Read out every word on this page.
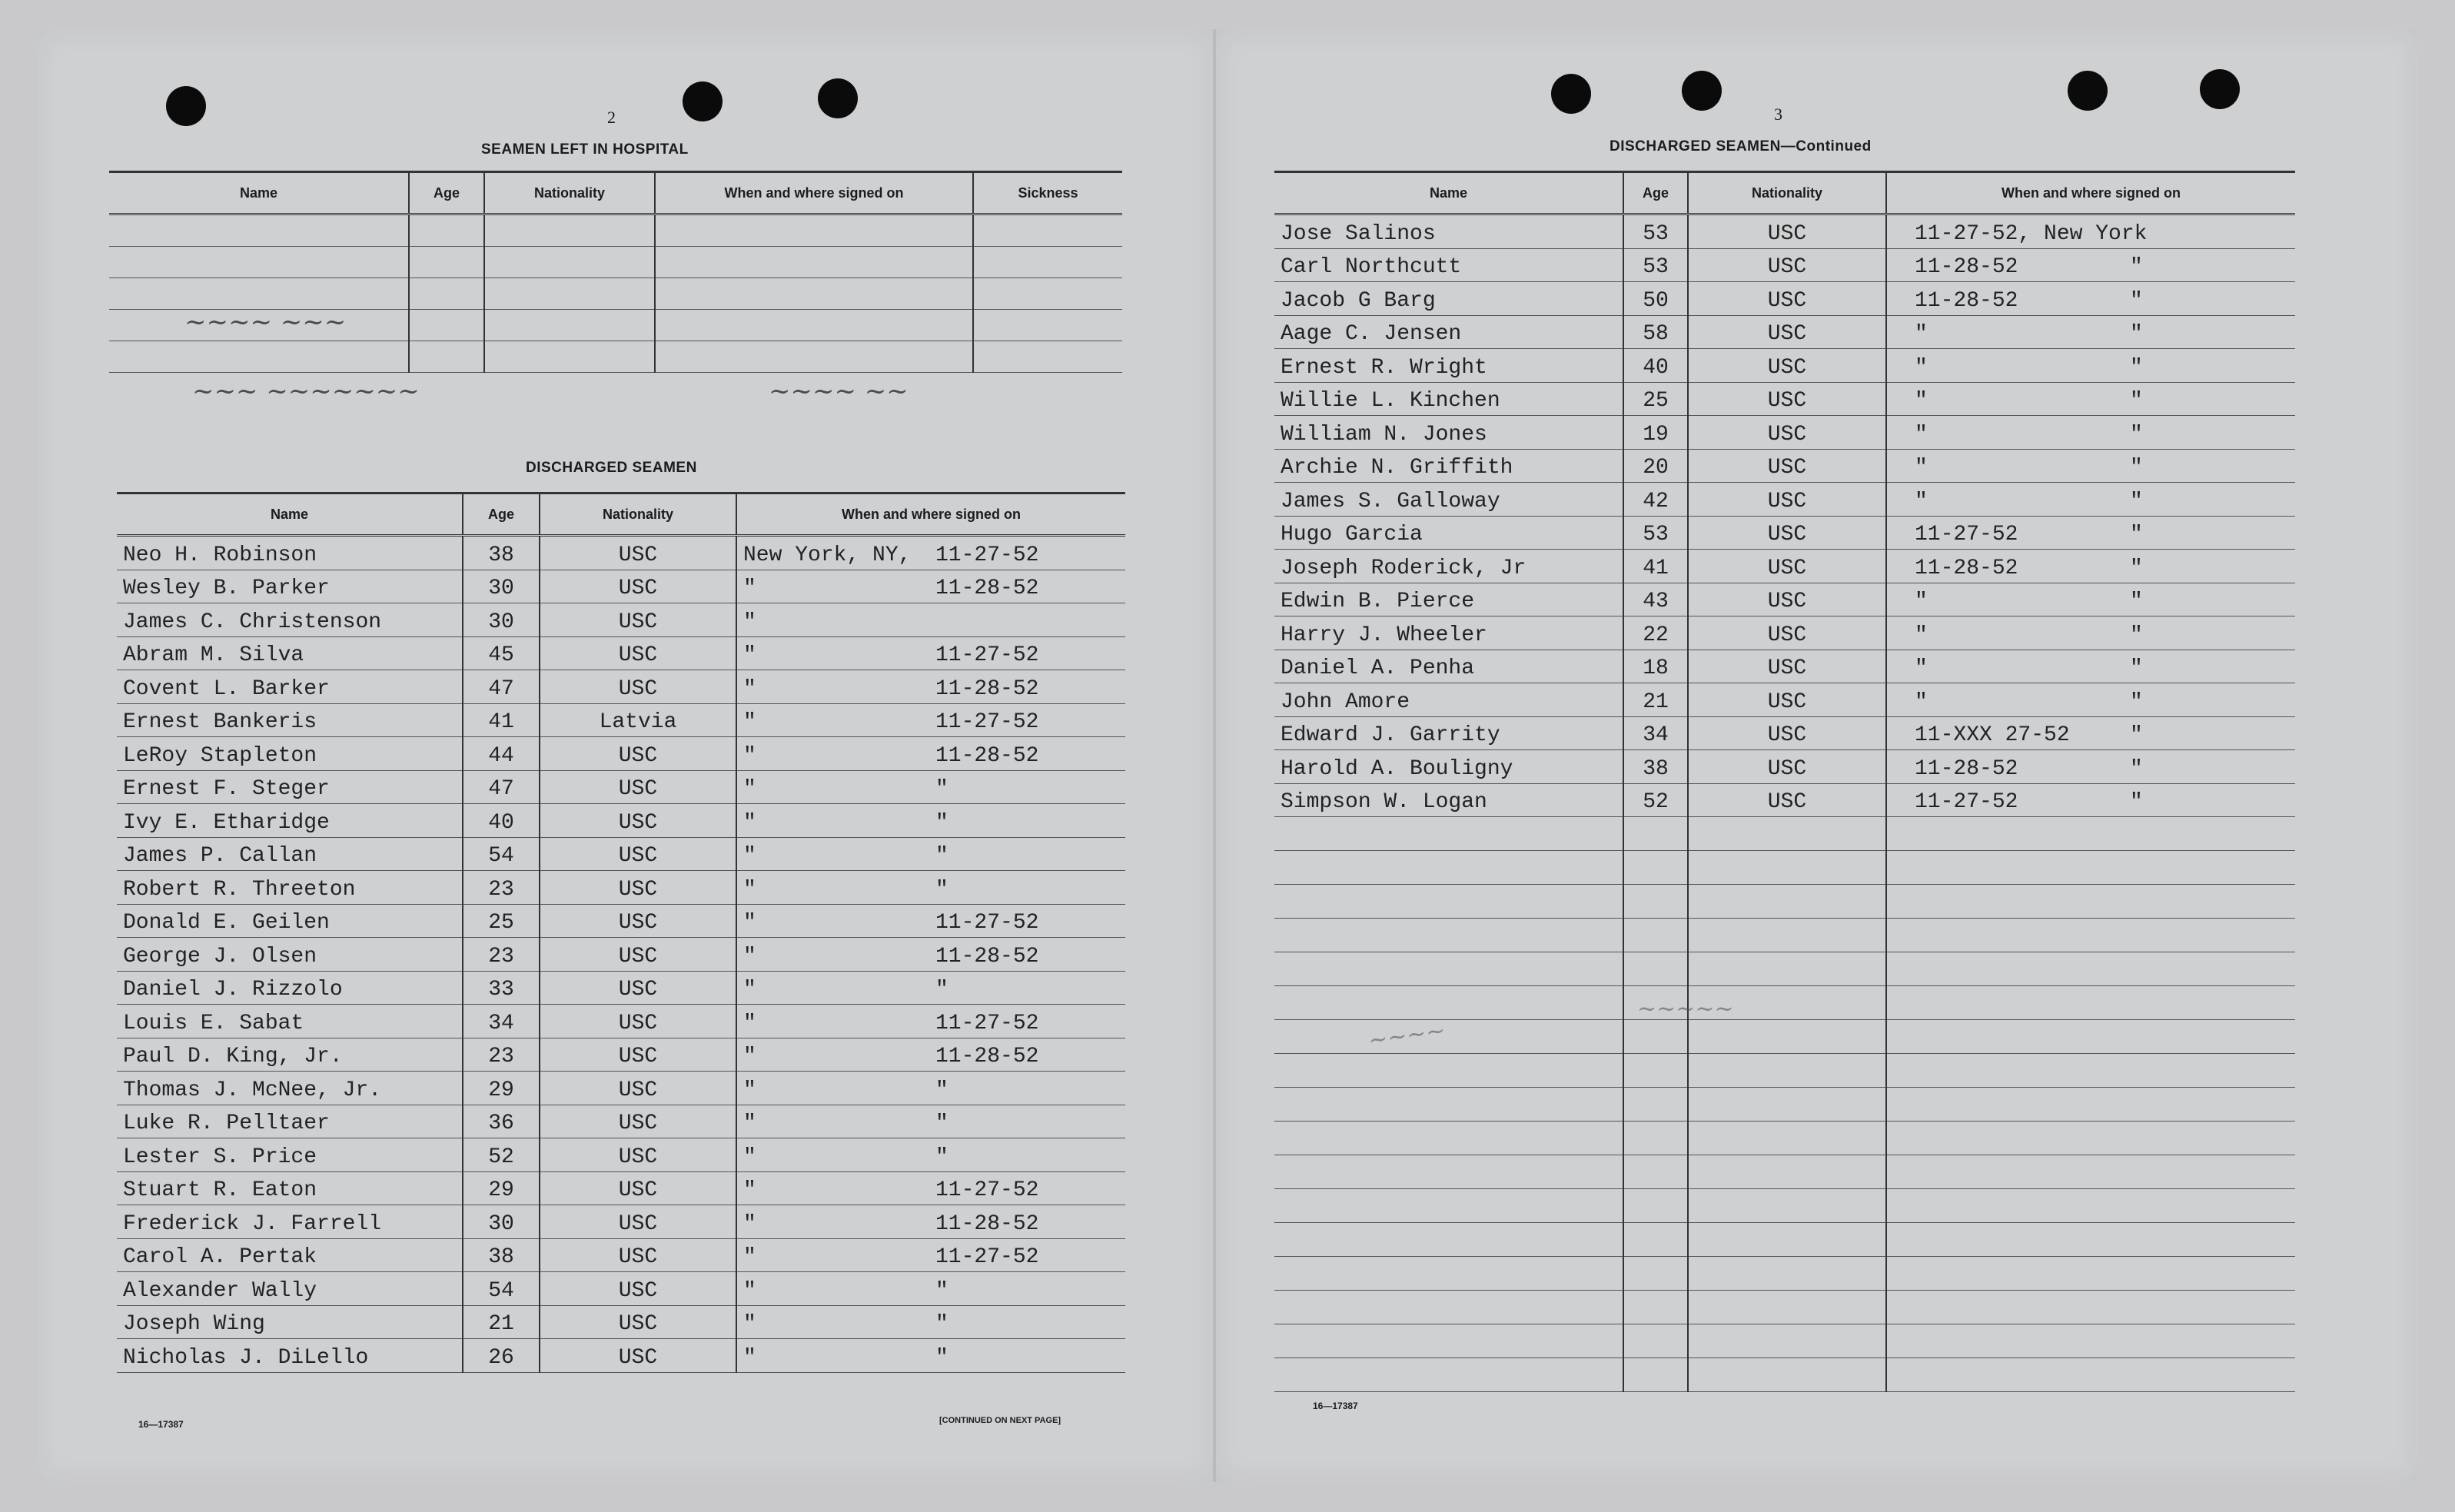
2
SEAMEN LEFT IN HOSPITAL
Name	Age	Nationality	When and where signed on	Sickness

DISCHARGED SEAMEN
Name	Age	Nationality	When and where signed on
Neo H. Robinson	38	USC	New York, NY, 11-27-52
Wesley B. Parker	30	USC	" 11-28-52
James C. Christenson	30	USC	"
Abram M. Silva	45	USC	" 11-27-52
Covent L. Barker	47	USC	" 11-28-52
Ernest Bankeris	41	Latvia	" 11-27-52
LeRoy Stapleton	44	USC	" 11-28-52
Ernest F. Steger	47	USC	" "
Ivy E. Etharidge	40	USC	" "
James P. Callan	54	USC	" "
Robert R. Threeton	23	USC	" "
Donald E. Geilen	25	USC	" 11-27-52
George J. Olsen	23	USC	" 11-28-52
Daniel J. Rizzolo	33	USC	" "
Louis E. Sabat	34	USC	" 11-27-52
Paul D. King, Jr.	23	USC	" 11-28-52
Thomas J. McNee, Jr.	29	USC	" "
Luke R. Pelltaer	36	USC	" "
Lester S. Price	52	USC	" "
Stuart R. Eaton	29	USC	" 11-27-52
Frederick J. Farrell	30	USC	" 11-28-52
Carol A. Pertak	38	USC	" 11-27-52
Alexander Wally	54	USC	" "
Joseph Wing	21	USC	" "
Nicholas J. DiLello	26	USC	" "
16—17387	[CONTINUED ON NEXT PAGE]
3
DISCHARGED SEAMEN—Continued
Name	Age	Nationality	When and where signed on
Jose Salinos	53	USC	11-27-52, New York
Carl Northcutt	53	USC	11-28-52 "
Jacob G Barg	50	USC	11-28-52 "
Aage C. Jensen	58	USC	" "
Ernest R. Wright	40	USC	" "
Willie L. Kinchen	25	USC	" "
William N. Jones	19	USC	" "
Archie N. Griffith	20	USC	" "
James S. Galloway	42	USC	" "
Hugo Garcia	53	USC	11-27-52 "
Joseph Roderick, Jr	41	USC	11-28-52 "
Edwin B. Pierce	43	USC	" "
Harry J. Wheeler	22	USC	" "
Daniel A. Penha	18	USC	" "
John Amore	21	USC	" "
Edward J. Garrity	34	USC	11-XXX 27-52 "
Harold A. Bouligny	38	USC	11-28-52 "
Simpson W. Logan	52	USC	11-27-52 "

16—17387
~~~ ~~~~
~~~~~~~ ~~~	~~ ~~~~
~~~~
~~~~~
